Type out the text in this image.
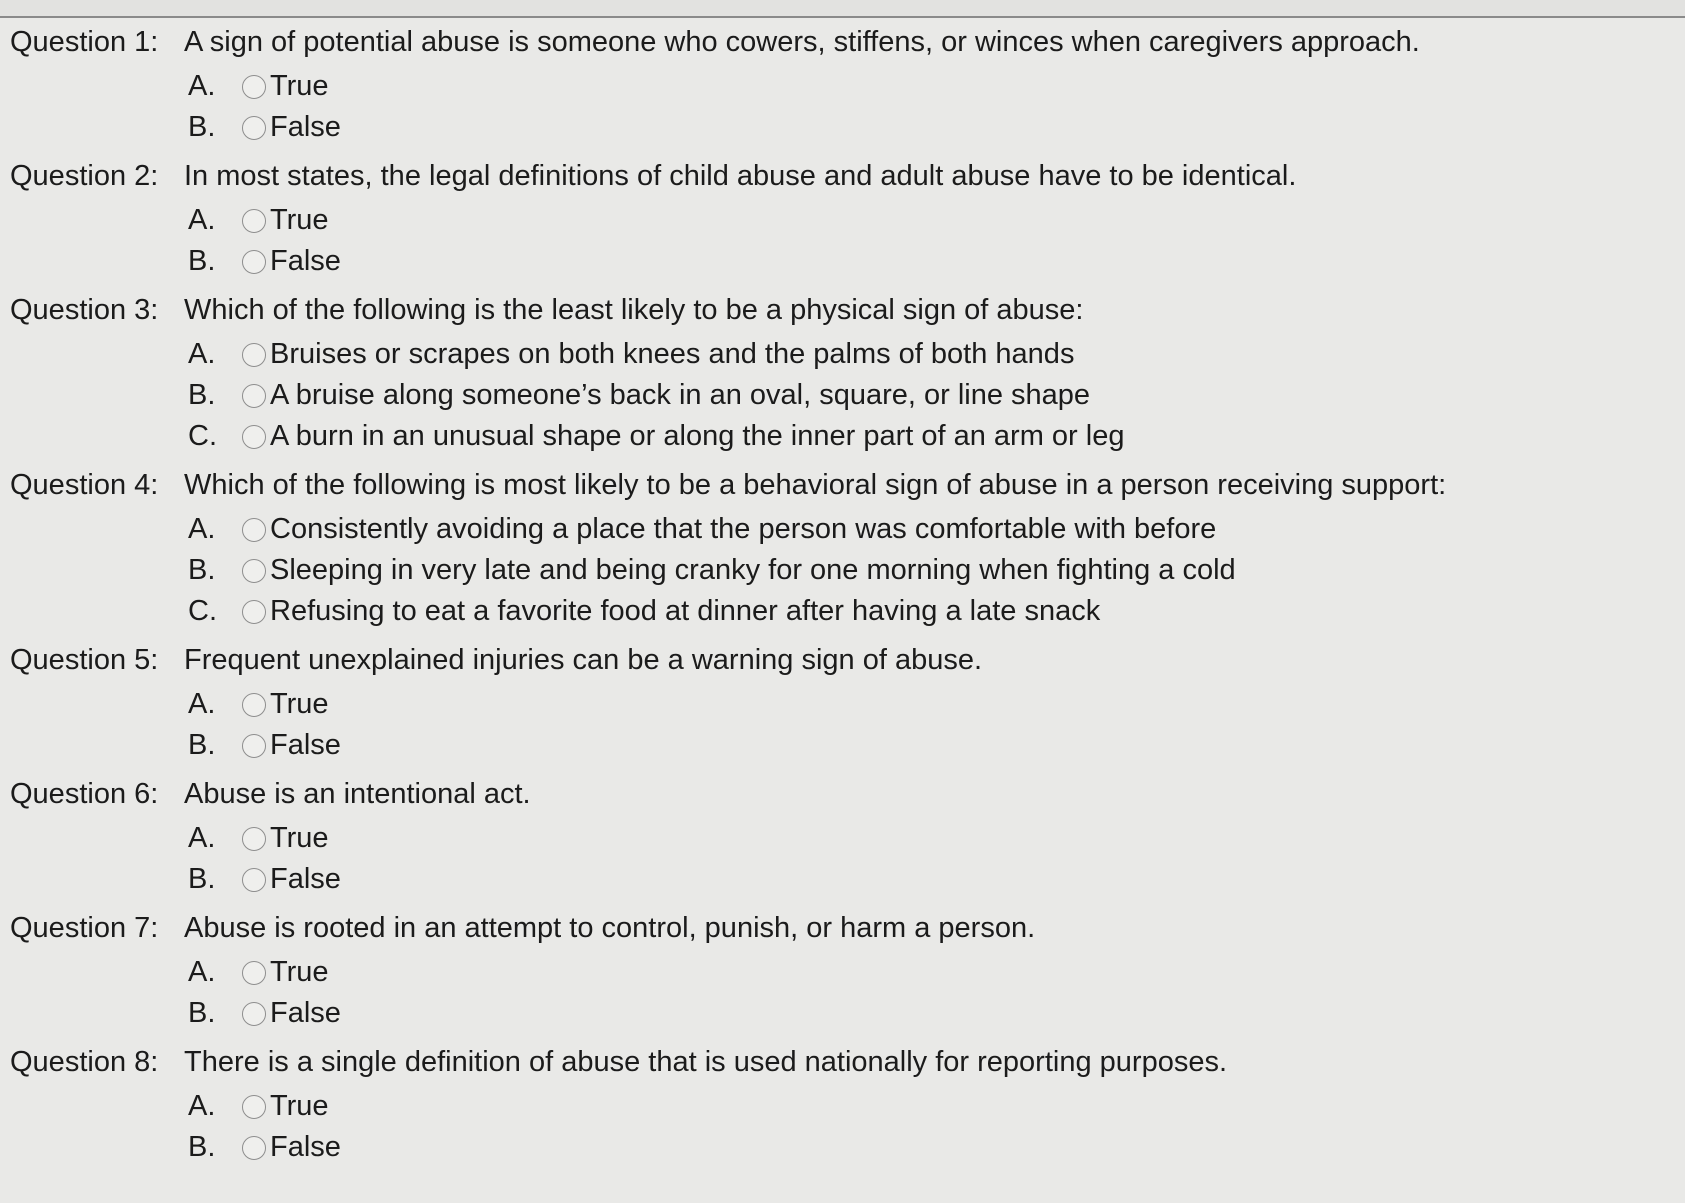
Question 1: A sign of potential abuse is someone who cowers, stiffens, or winces when caregivers approach.
A.	True
B.	False
Question 2: In most states, the legal definitions of child abuse and adult abuse have to be identical.
A.	True
B.	False
Question 3: Which of the following is the least likely to be a physical sign of abuse:
A.	Bruises or scrapes on both knees and the palms of both hands
B.	A bruise along someone’s back in an oval, square, or line shape
C.	A burn in an unusual shape or along the inner part of an arm or leg
Question 4: Which of the following is most likely to be a behavioral sign of abuse in a person receiving support:
A.	Consistently avoiding a place that the person was comfortable with before
B.	Sleeping in very late and being cranky for one morning when fighting a cold
C.	Refusing to eat a favorite food at dinner after having a late snack
Question 5: Frequent unexplained injuries can be a warning sign of abuse.
A.	True
B.	False
Question 6: Abuse is an intentional act.
A.	True
B.	False
Question 7: Abuse is rooted in an attempt to control, punish, or harm a person.
A.	True
B.	False
Question 8: There is a single definition of abuse that is used nationally for reporting purposes.
A.	True
B.	False
